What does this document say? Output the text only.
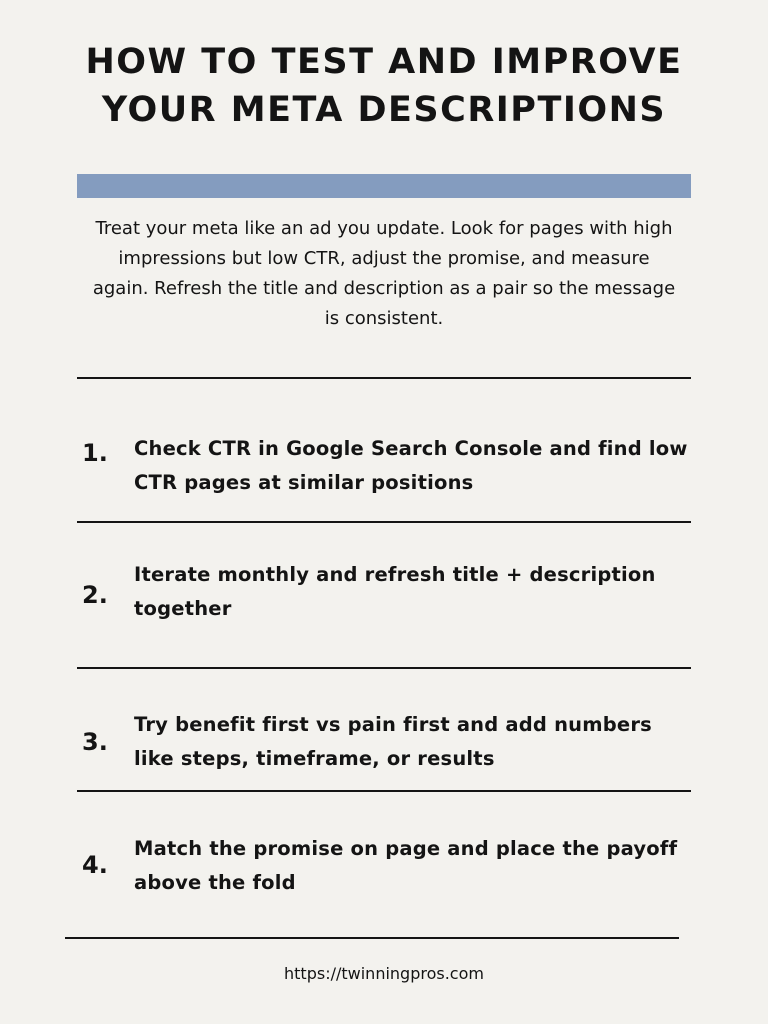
HOW TO TEST AND IMPROVE
YOUR META DESCRIPTIONS

Treat your meta like an ad you update. Look for pages with high impressions but low CTR, adjust the promise, and measure again. Refresh the title and description as a pair so the message is consistent.

1. Check CTR in Google Search Console and find low CTR pages at similar positions
2.
Iterate monthly and refresh title + description together
3.
Try benefit first vs pain first and add numbers like steps, timeframe, or results
4.
Match the promise on page and place the payoff above the fold
https://twinningpros.com
